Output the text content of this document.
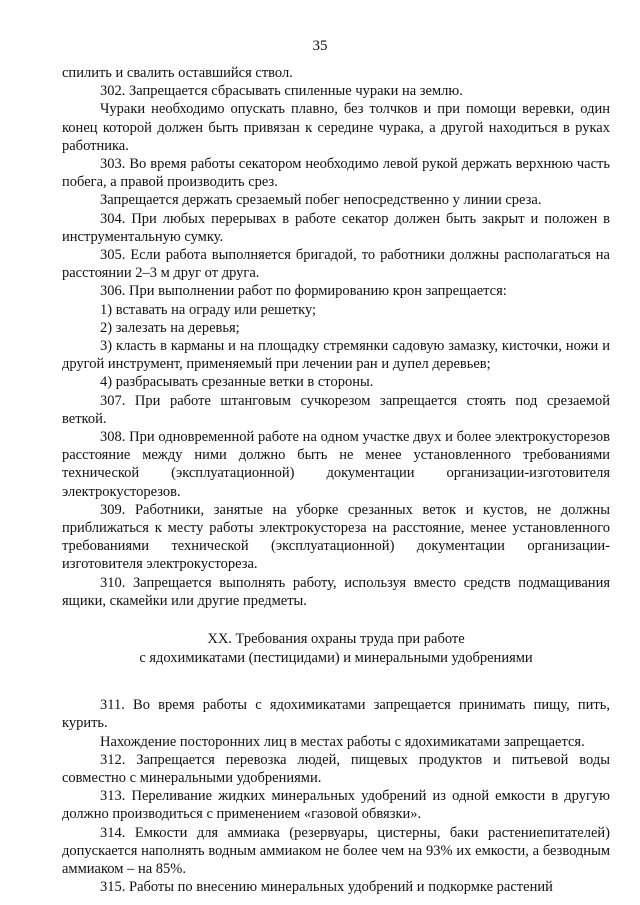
35

спилить и свалить оставшийся ствол.

302. Запрещается сбрасывать спиленные чураки на землю.

Чураки необходимо опускать плавно, без толчков и при помощи веревки, один конец которой должен быть привязан к середине чурака, а другой находиться в руках работника.

303. Во время работы секатором необходимо левой рукой держать верхнюю часть побега, а правой производить срез.

Запрещается держать срезаемый побег непосредственно у линии среза.

304. При любых перерывах в работе секатор должен быть закрыт и положен в инструментальную сумку.

305. Если работа выполняется бригадой, то работники должны располагаться на расстоянии 2–3 м друг от друга.

306. При выполнении работ по формированию крон запрещается:

1) вставать на ограду или решетку;

2) залезать на деревья;

3) класть в карманы и на площадку стремянки садовую замазку, кисточки, ножи и другой инструмент, применяемый при лечении ран и дупел деревьев;

4) разбрасывать срезанные ветки в стороны.

307. При работе штанговым сучкорезом запрещается стоять под срезаемой веткой.

308. При одновременной работе на одном участке двух и более электрокусторезов расстояние между ними должно быть не менее установленного требованиями технической (эксплуатационной) документации организации-изготовителя электрокусторезов.

309. Работники, занятые на уборке срезанных веток и кустов, не должны приближаться к месту работы электрокустореза на расстояние, менее установленного требованиями технической (эксплуатационной) документации организации-изготовителя электрокустореза.

310. Запрещается выполнять работу, используя вместо средств подмащивания ящики, скамейки или другие предметы.

XX. Требования охраны труда при работе
с ядохимикатами (пестицидами) и минеральными удобрениями

311. Во время работы с ядохимикатами запрещается принимать пищу, пить, курить.

Нахождение посторонних лиц в местах работы с ядохимикатами запрещается.

312. Запрещается перевозка людей, пищевых продуктов и питьевой воды совместно с минеральными удобрениями.

313. Переливание жидких минеральных удобрений из одной емкости в другую должно производиться с применением «газовой обвязки».

314. Емкости для аммиака (резервуары, цистерны, баки растениепитателей) допускается наполнять водным аммиаком не более чем на 93% их емкости, а безводным аммиаком – на 85%.

315. Работы по внесению минеральных удобрений и подкормке растений
